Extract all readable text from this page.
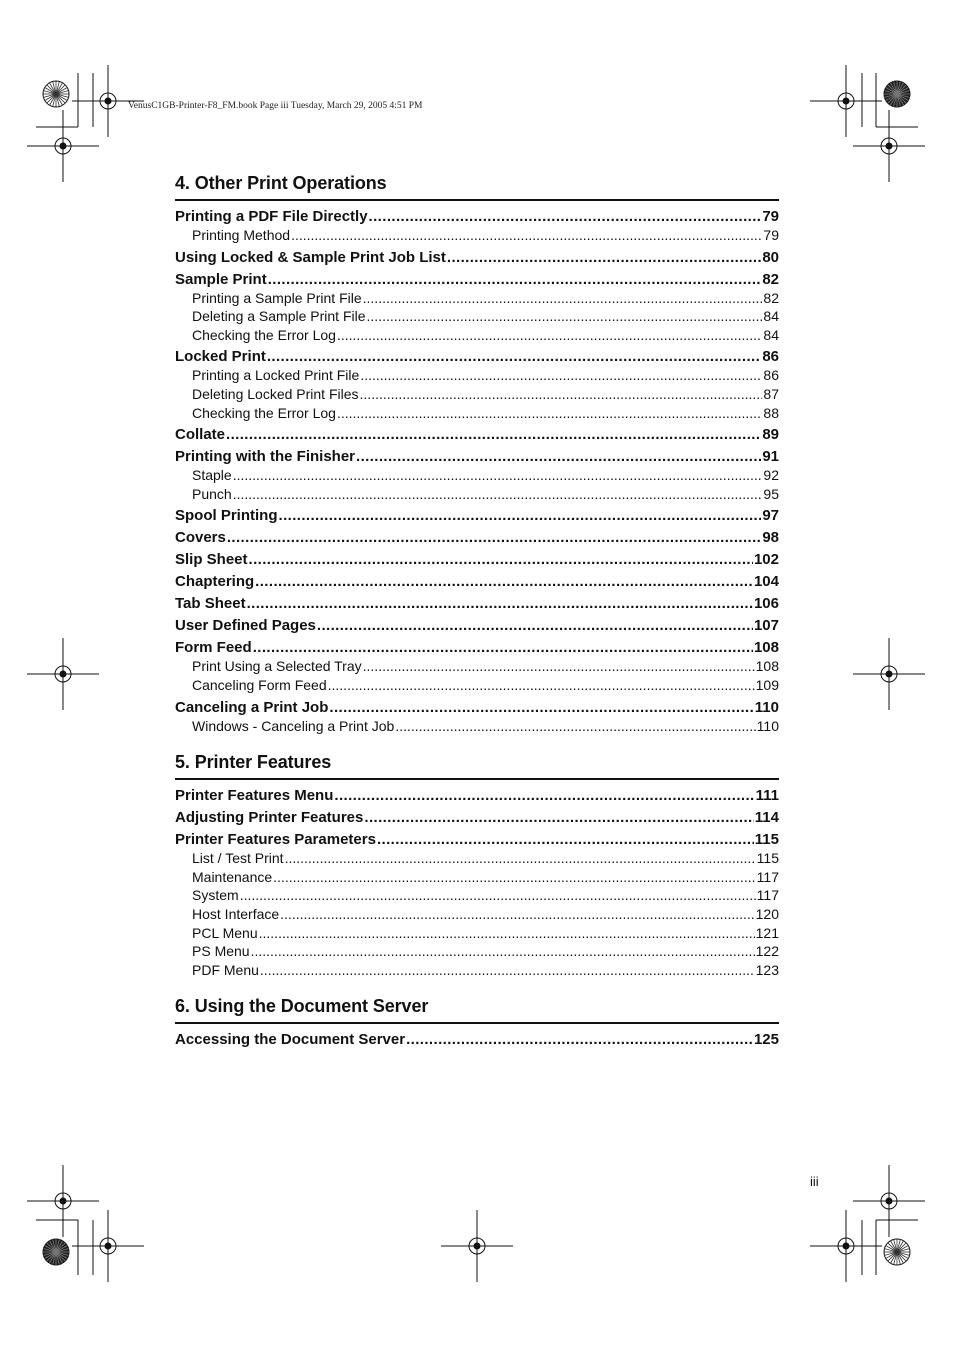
VenusC1GB-Printer-F8_FM.book Page iii Tuesday, March 29, 2005 4:51 PM
4. Other Print Operations
Printing a PDF File Directly .....	79
Printing Method .....	79
Using Locked & Sample Print Job List .....	80
Sample Print .....	82
Printing a Sample Print File .....	82
Deleting a Sample Print File .....	84
Checking the Error Log .....	84
Locked Print .....	86
Printing a Locked Print File .....	86
Deleting Locked Print Files .....	87
Checking the Error Log .....	88
Collate .....	89
Printing with the Finisher .....	91
Staple .....	92
Punch .....	95
Spool Printing .....	97
Covers .....	98
Slip Sheet .....	102
Chaptering .....	104
Tab Sheet .....	106
User Defined Pages .....	107
Form Feed .....	108
Print Using a Selected Tray .....	108
Canceling Form Feed .....	109
Canceling a Print Job .....	110
Windows - Canceling a Print Job .....	110
5. Printer Features
Printer Features Menu .....	111
Adjusting Printer Features .....	114
Printer Features Parameters .....	115
List / Test Print .....	115
Maintenance .....	117
System .....	117
Host Interface .....	120
PCL Menu .....	121
PS Menu .....	122
PDF Menu .....	123
6. Using the Document Server
Accessing the Document Server .....	125
iii
